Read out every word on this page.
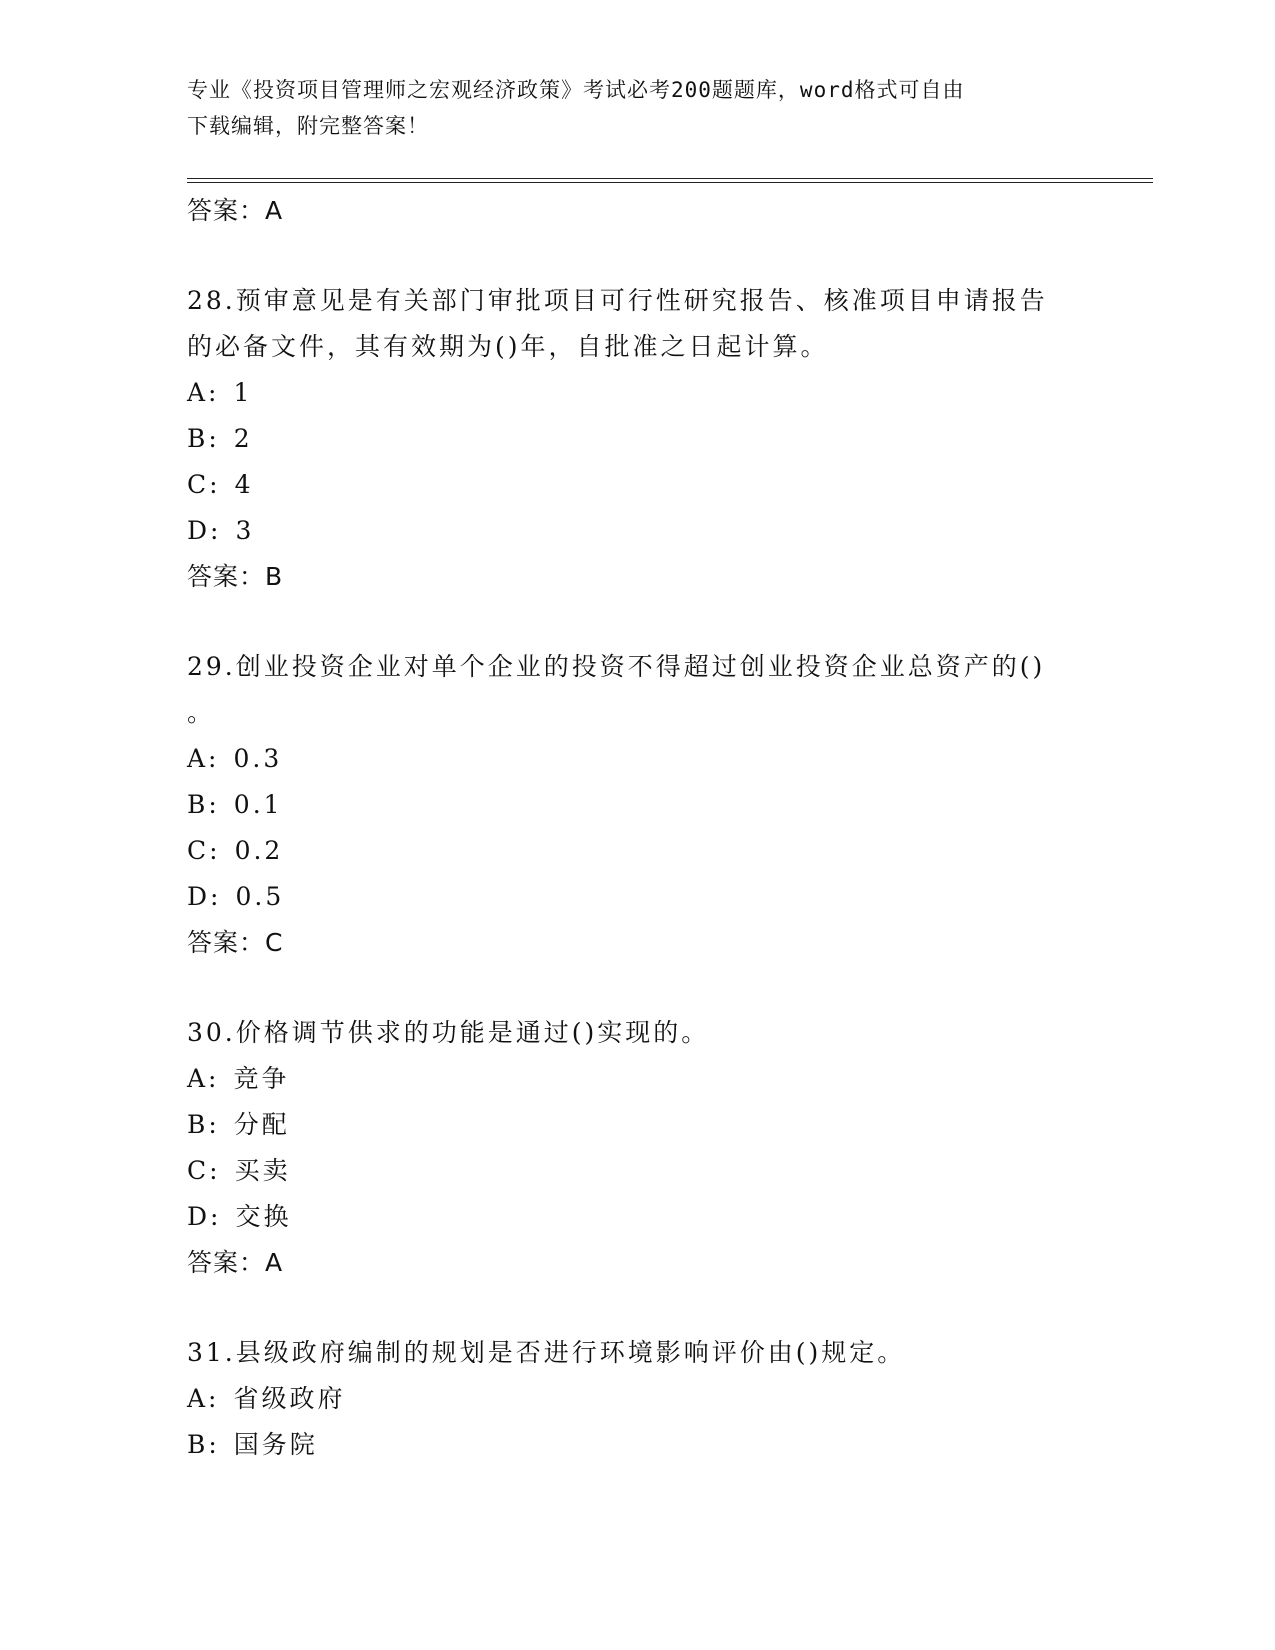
专业《投资项目管理师之宏观经济政策》考试必考200题题库，word格式可自由
下载编辑，附完整答案！
答案：A
28.预审意见是有关部门审批项目可行性研究报告、核准项目申请报告
的必备文件，其有效期为()年，自批准之日起计算。
A: 1
B: 2
C: 4
D: 3
答案：B
29.创业投资企业对单个企业的投资不得超过创业投资企业总资产的()
。
A: 0.3
B: 0.1
C: 0.2
D: 0.5
答案：C
30.价格调节供求的功能是通过()实现的。
A: 竞争
B: 分配
C: 买卖
D: 交换
答案：A
31.县级政府编制的规划是否进行环境影响评价由()规定。
A: 省级政府
B: 国务院
